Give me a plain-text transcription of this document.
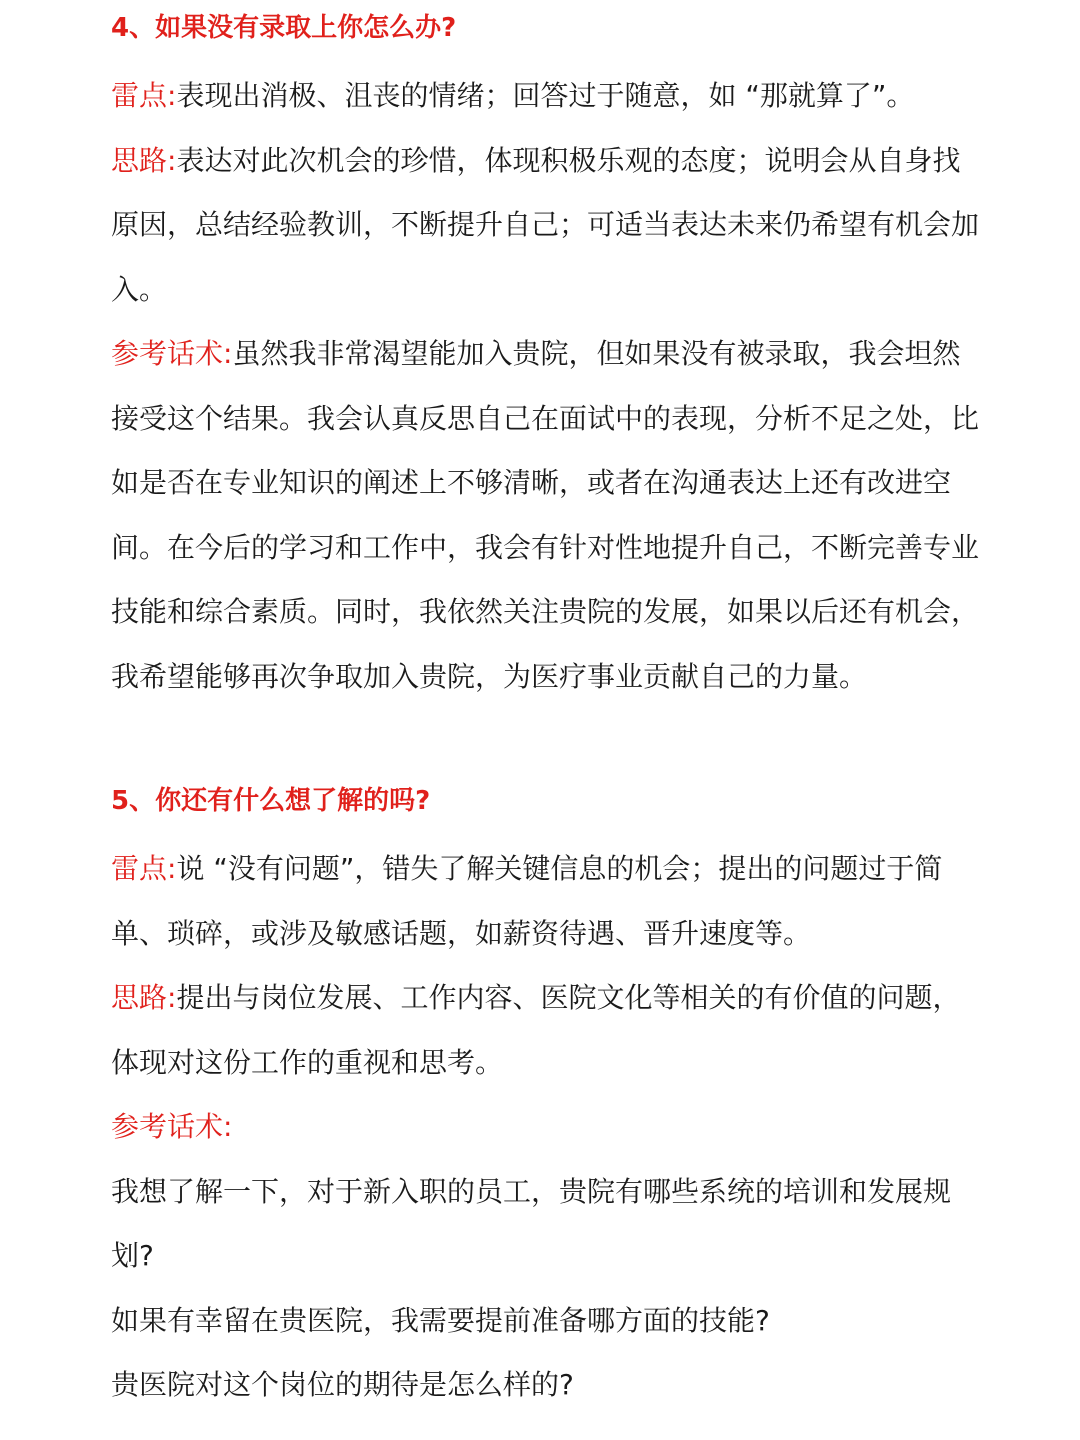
4、如果没有录取上你怎么办?

雷点:表现出消极、沮丧的情绪；回答过于随意，如 “那就算了”。

思路:表达对此次机会的珍惜，体现积极乐观的态度；说明会从自身找原因，总结经验教训，不断提升自己；可适当表达未来仍希望有机会加入。

参考话术:虽然我非常渴望能加入贵院，但如果没有被录取，我会坦然接受这个结果。我会认真反思自己在面试中的表现，分析不足之处，比如是否在专业知识的阐述上不够清晰，或者在沟通表达上还有改进空间。在今后的学习和工作中，我会有针对性地提升自己，不断完善专业技能和综合素质。同时，我依然关注贵院的发展，如果以后还有机会，我希望能够再次争取加入贵院，为医疗事业贡献自己的力量。

5、你还有什么想了解的吗?

雷点:说 “没有问题”，错失了解关键信息的机会；提出的问题过于简单、琐碎，或涉及敏感话题，如薪资待遇、晋升速度等。

思路:提出与岗位发展、工作内容、医院文化等相关的有价值的问题，体现对这份工作的重视和思考。

参考话术:

我想了解一下，对于新入职的员工，贵院有哪些系统的培训和发展规划?

如果有幸留在贵医院，我需要提前准备哪方面的技能?

贵医院对这个岗位的期待是怎么样的?
